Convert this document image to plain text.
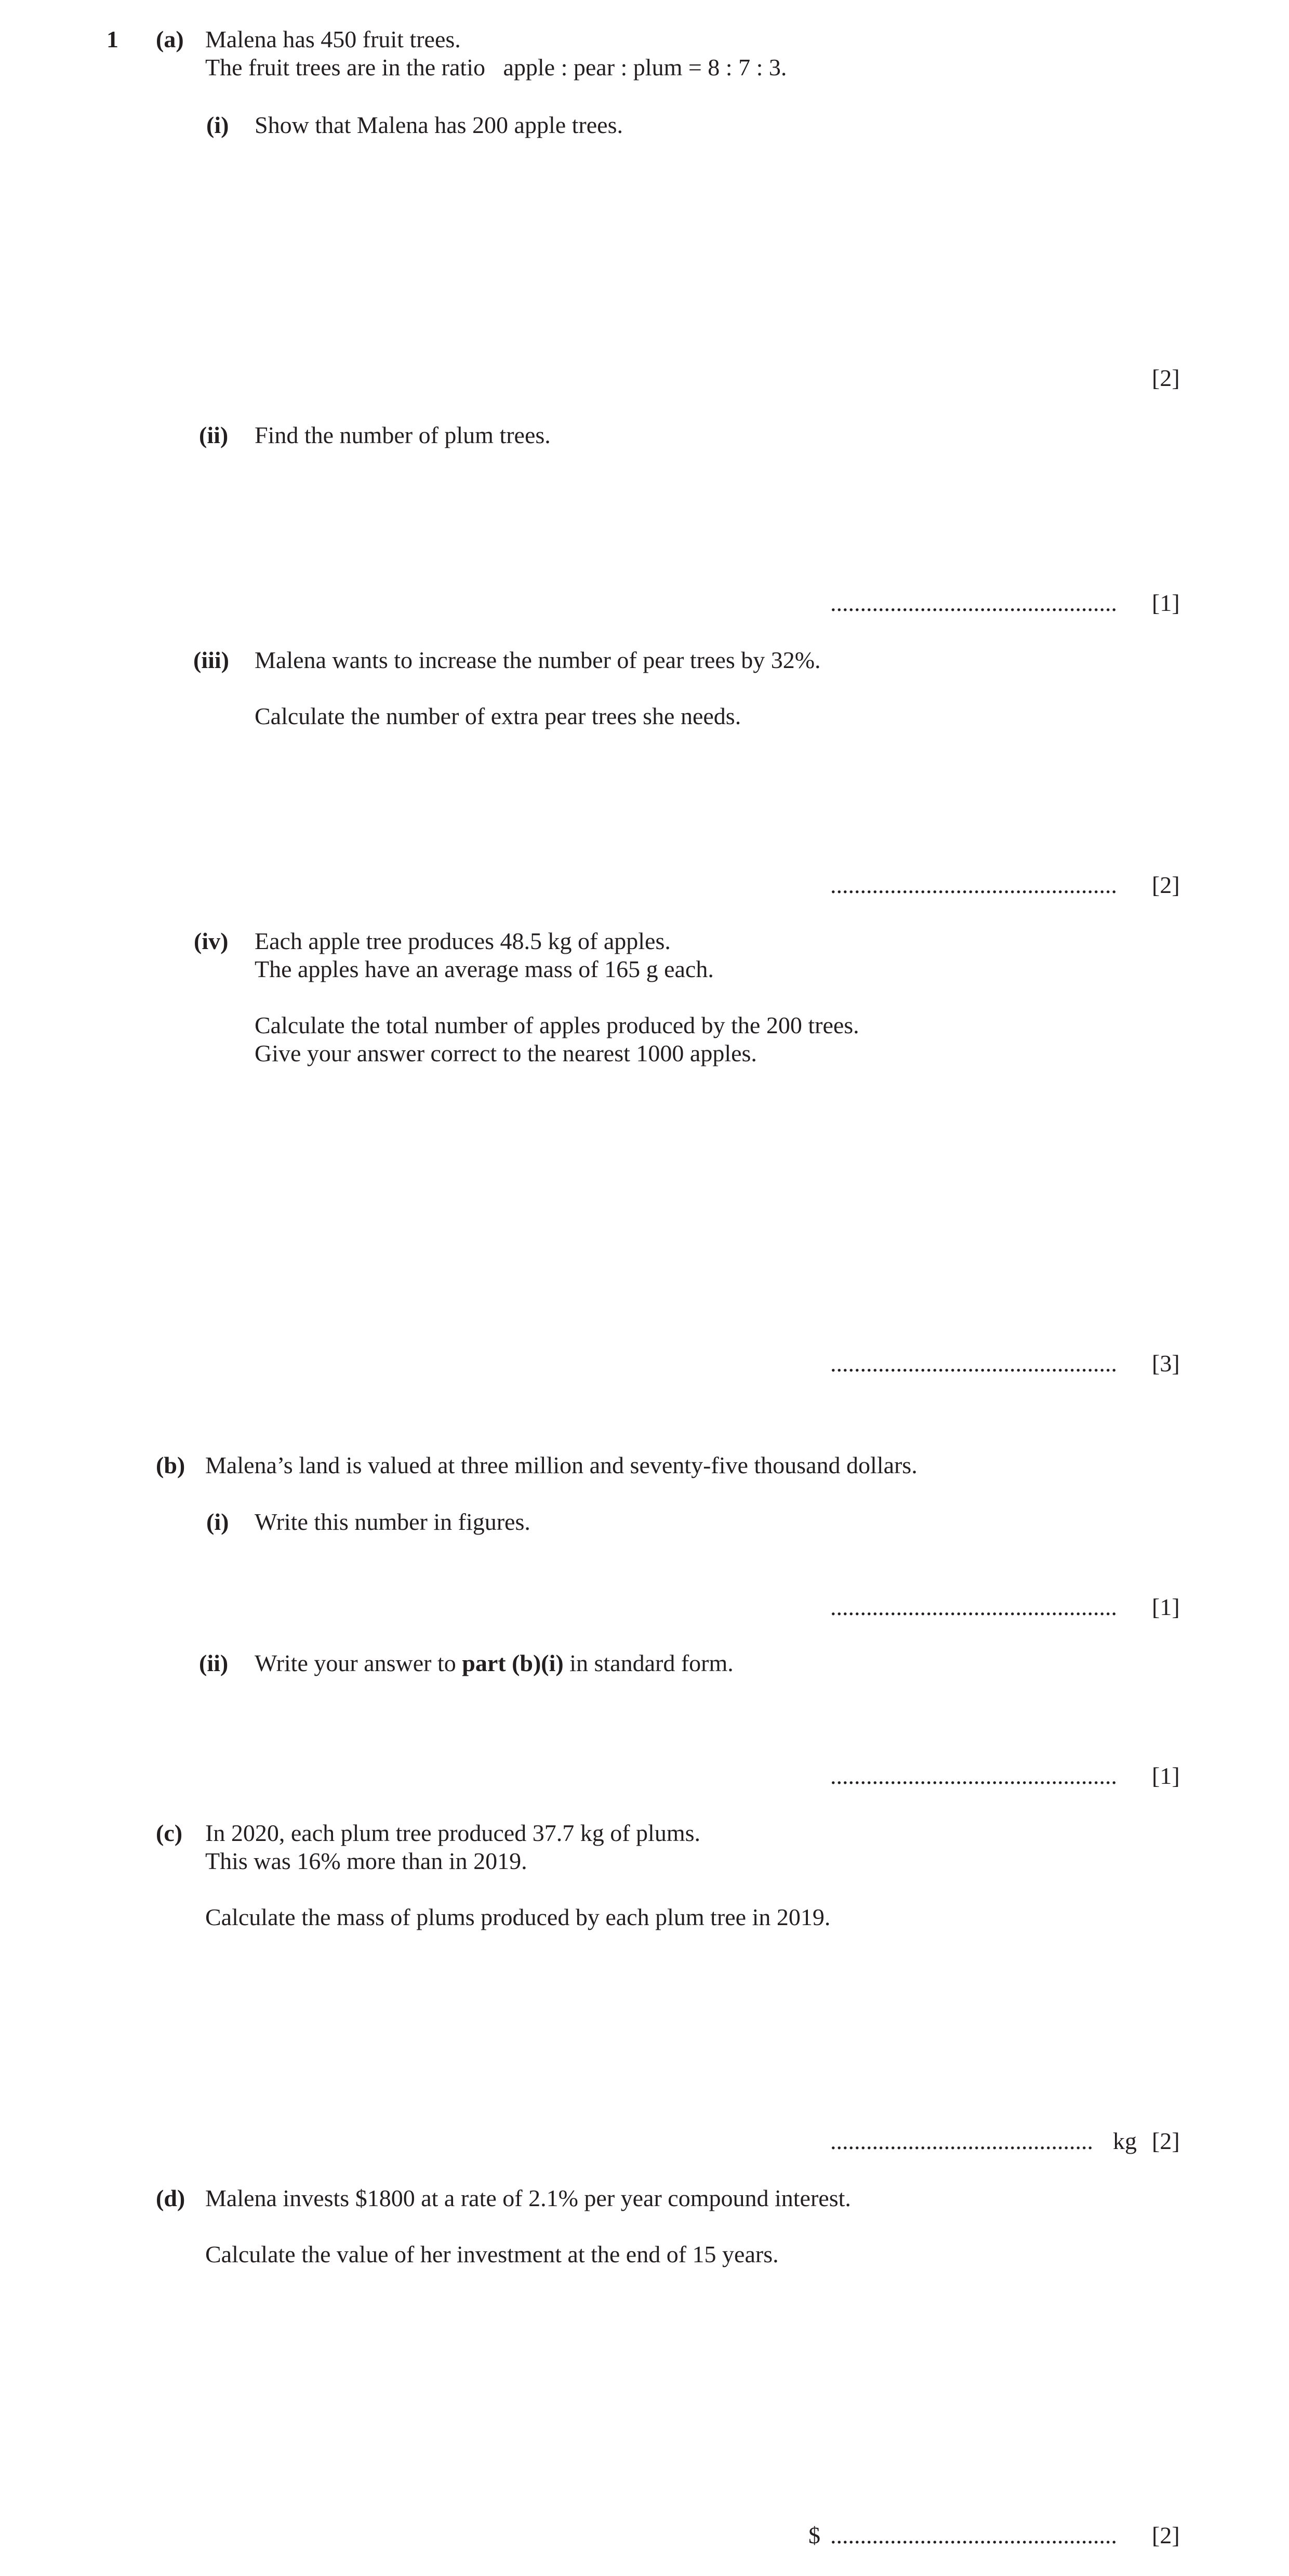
1 (a) Malena has 450 fruit trees.
The fruit trees are in the ratio   apple : pear : plum = 8 : 7 : 3.
(i) Show that Malena has 200 apple trees.
[2]
(ii) Find the number of plum trees.
................................................ [1]
(iii) Malena wants to increase the number of pear trees by 32%.
Calculate the number of extra pear trees she needs.
................................................ [2]
(iv) Each apple tree produces 48.5 kg of apples.
The apples have an average mass of 165 g each.
Calculate the total number of apples produced by the 200 trees.
Give your answer correct to the nearest 1000 apples.
................................................ [3]
(b) Malena’s land is valued at three million and seventy-five thousand dollars.
(i) Write this number in figures.
................................................ [1]
(ii) Write your answer to part (b)(i) in standard form.
................................................ [1]
(c) In 2020, each plum tree produced 37.7 kg of plums.
This was 16% more than in 2019.
Calculate the mass of plums produced by each plum tree in 2019.
............................................ kg [2]
(d) Malena invests $1800 at a rate of 2.1% per year compound interest.
Calculate the value of her investment at the end of 15 years.
$ ................................................ [2]
